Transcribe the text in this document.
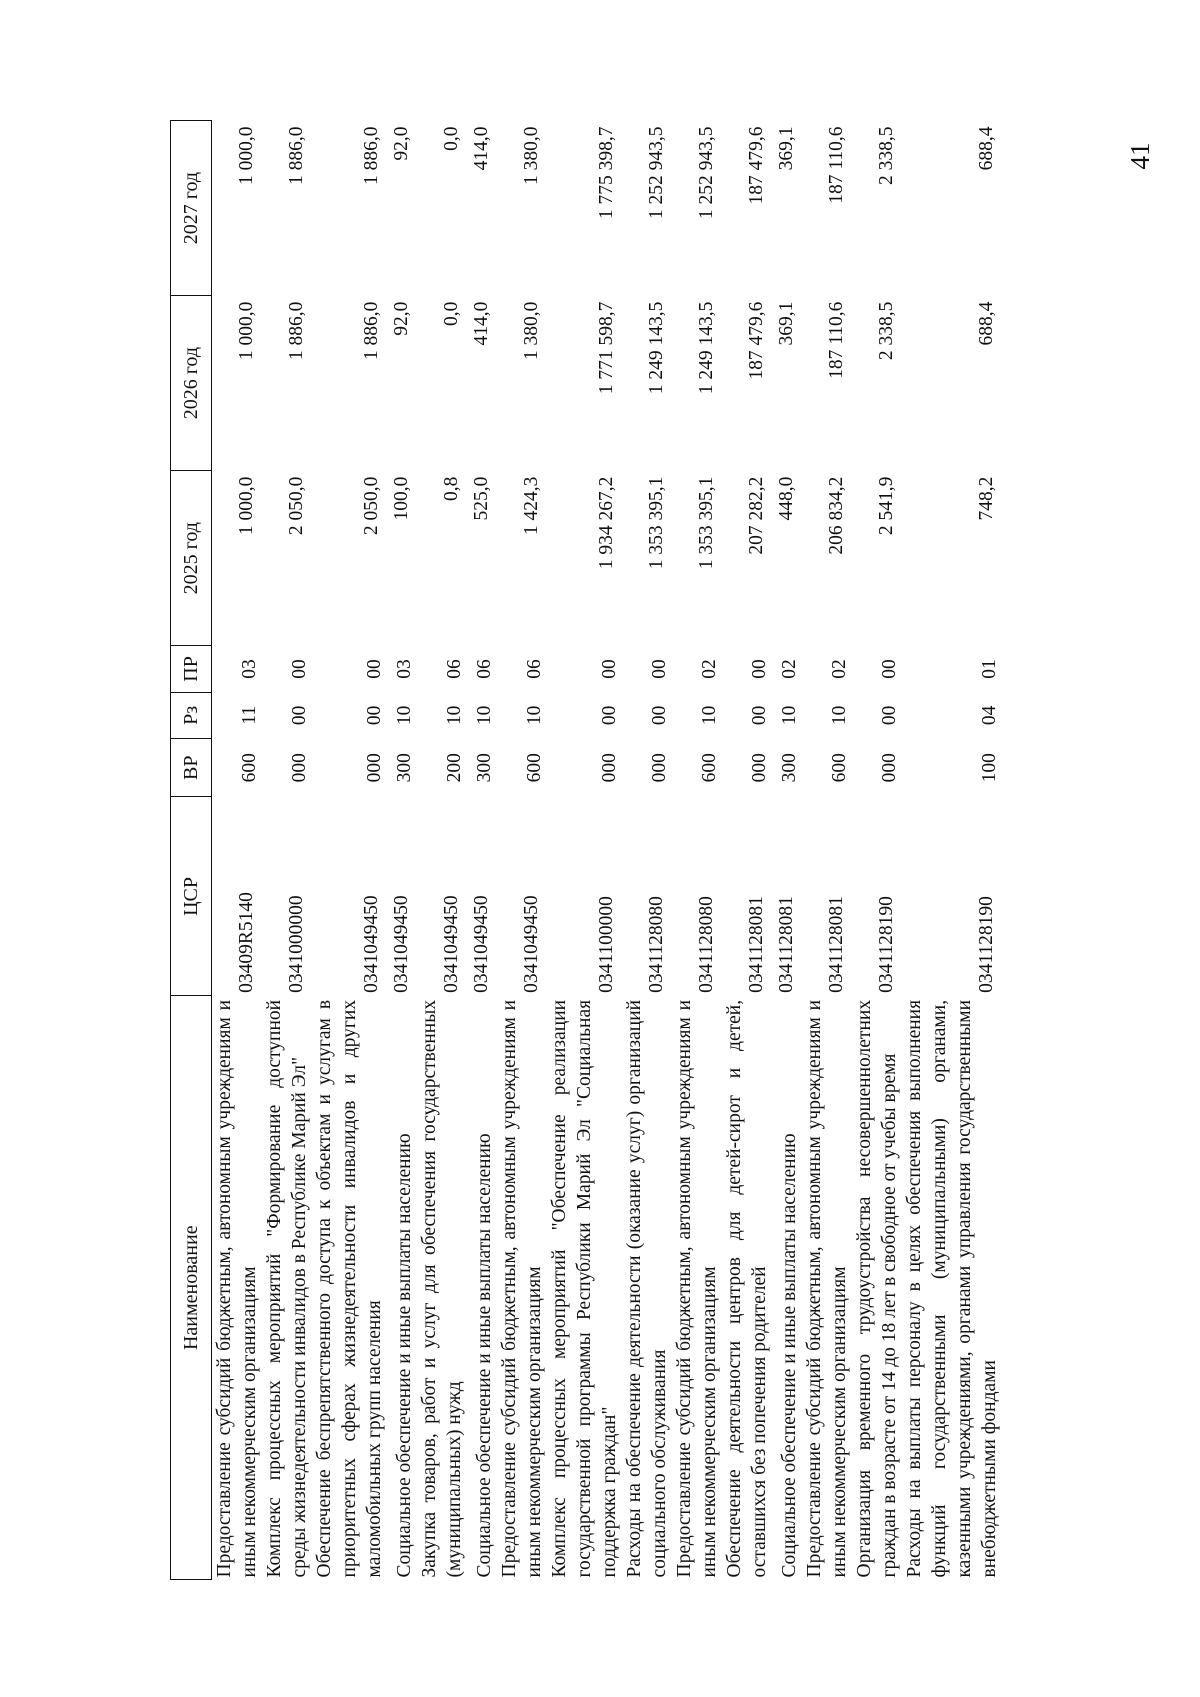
41
Наименование	ЦСР	ВР	Рз	ПР	2025 год	2026 год	2027 год
Предоставление субсидий бюджетным, автономным учреждениям и иным некоммерческим организациям	03409R5140	600	11	03	1 000,0	1 000,0	1 000,0
Комплекс процессных мероприятий "Формирование доступной среды жизнедеятельности инвалидов в Республике Марий Эл"	0341000000	000	00	00	2 050,0	1 886,0	1 886,0
Обеспечение беспрепятственного доступа к объектам и услугам в приоритетных сферах жизнедеятельности инвалидов и других маломобильных групп населения	0341049450	000	00	00	2 050,0	1 886,0	1 886,0
Социальное обеспечение и иные выплаты населению	0341049450	300	10	03	100,0	92,0	92,0
Закупка товаров, работ и услуг для обеспечения государственных (муниципальных) нужд	0341049450	200	10	06	0,8	0,0	0,0
Социальное обеспечение и иные выплаты населению	0341049450	300	10	06	525,0	414,0	414,0
Предоставление субсидий бюджетным, автономным учреждениям и иным некоммерческим организациям	0341049450	600	10	06	1 424,3	1 380,0	1 380,0
Комплекс процессных мероприятий "Обеспечение реализации государственной программы Республики Марий Эл "Социальная поддержка граждан"	0341100000	000	00	00	1 934 267,2	1 771 598,7	1 775 398,7
Расходы на обеспечение деятельности (оказание услуг) организаций социального обслуживания	0341128080	000	00	00	1 353 395,1	1 249 143,5	1 252 943,5
Предоставление субсидий бюджетным, автономным учреждениям и иным некоммерческим организациям	0341128080	600	10	02	1 353 395,1	1 249 143,5	1 252 943,5
Обеспечение деятельности центров для детей-сирот и детей, оставшихся без попечения родителей	0341128081	000	00	00	207 282,2	187 479,6	187 479,6
Социальное обеспечение и иные выплаты населению	0341128081	300	10	02	448,0	369,1	369,1
Предоставление субсидий бюджетным, автономным учреждениям и иным некоммерческим организациям	0341128081	600	10	02	206 834,2	187 110,6	187 110,6
Организация временного трудоустройства несовершеннолетних граждан в возрасте от 14 до 18 лет в свободное от учебы время	0341128190	000	00	00	2 541,9	2 338,5	2 338,5
Расходы на выплаты персоналу в целях обеспечения выполнения функций государственными (муниципальными) органами, казенными учреждениями, органами управления государственными внебюджетными фондами	0341128190	100	04	01	748,2	688,4	688,4
